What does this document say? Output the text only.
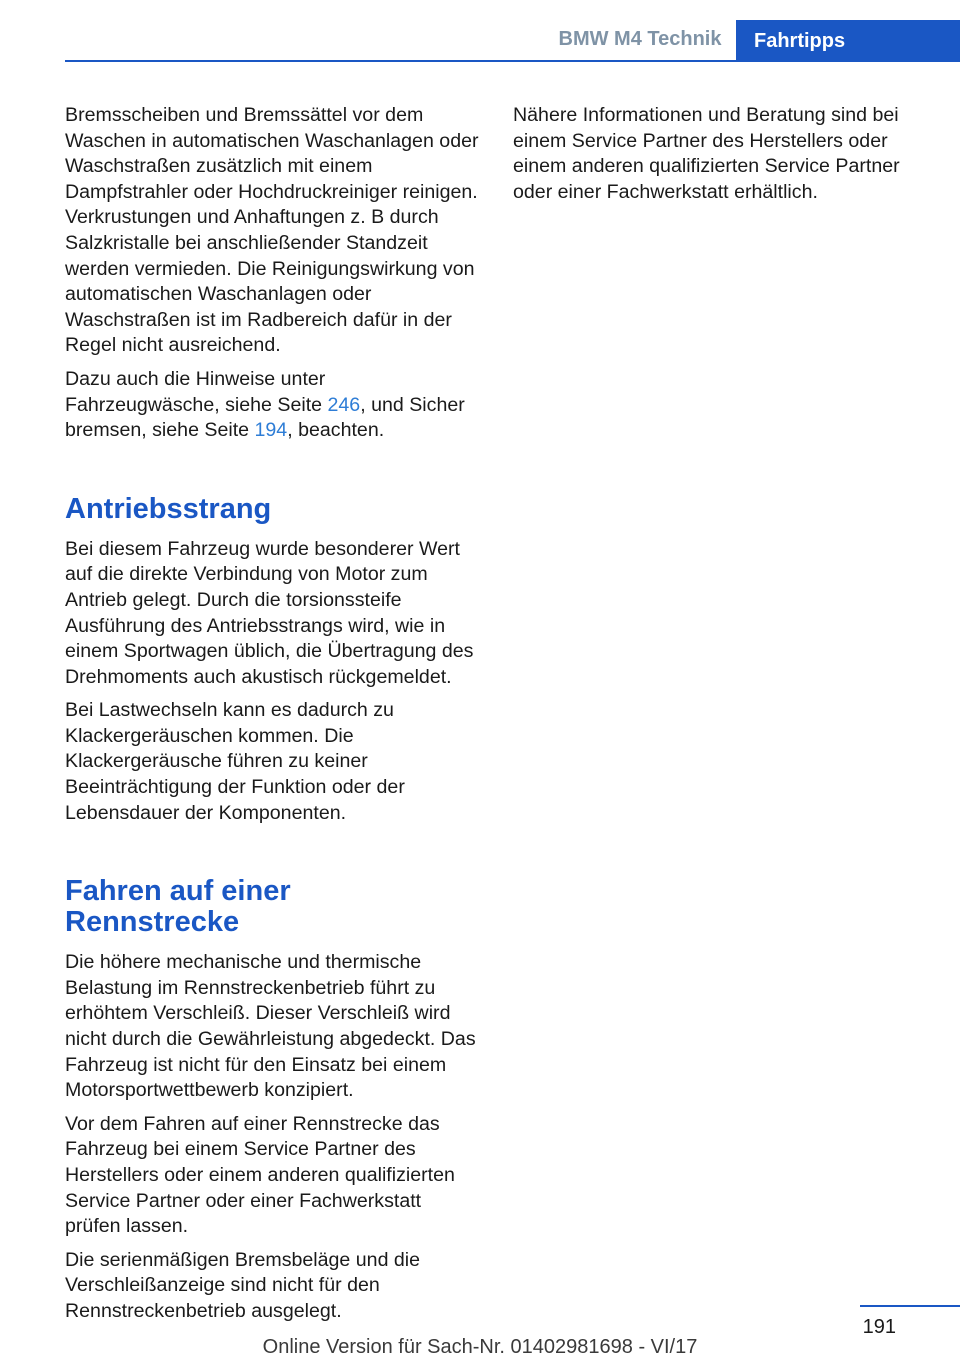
BMW M4 Technik	Fahrtipps

Bremsscheiben und Bremssättel vor dem Waschen in automatischen Waschanlagen oder Waschstraßen zusätzlich mit einem Dampfstrahler oder Hochdruckreiniger reinigen. Verkrustungen und Anhaftungen z. B durch Salzkristalle bei anschließender Standzeit werden vermieden. Die Reinigungswirkung von automatischen Waschanlagen oder Waschstraßen ist im Radbereich dafür in der Regel nicht ausreichend.

Dazu auch die Hinweise unter Fahrzeugwäsche, siehe Seite 246, und Sicher bremsen, siehe Seite 194, beachten.

Antriebsstrang

Bei diesem Fahrzeug wurde besonderer Wert auf die direkte Verbindung von Motor zum Antrieb gelegt. Durch die torsionssteife Ausführung des Antriebsstrangs wird, wie in einem Sportwagen üblich, die Übertragung des Drehmoments auch akustisch rückgemeldet.

Bei Lastwechseln kann es dadurch zu Klackergeräuschen kommen. Die Klackergeräusche führen zu keiner Beeinträchtigung der Funktion oder der Lebensdauer der Komponenten.

Fahren auf einer
Rennstrecke

Die höhere mechanische und thermische Belastung im Rennstreckenbetrieb führt zu erhöhtem Verschleiß. Dieser Verschleiß wird nicht durch die Gewährleistung abgedeckt. Das Fahrzeug ist nicht für den Einsatz bei einem Motorsportwettbewerb konzipiert.

Vor dem Fahren auf einer Rennstrecke das Fahrzeug bei einem Service Partner des Herstellers oder einem anderen qualifizierten Service Partner oder einer Fachwerkstatt prüfen lassen.

Die serienmäßigen Bremsbeläge und die Verschleißanzeige sind nicht für den Rennstreckenbetrieb ausgelegt.

Nähere Informationen und Beratung sind bei einem Service Partner des Herstellers oder einem anderen qualifizierten Service Partner oder einer Fachwerkstatt erhältlich.

191
Online Version für Sach-Nr. 01402981698 - VI/17
